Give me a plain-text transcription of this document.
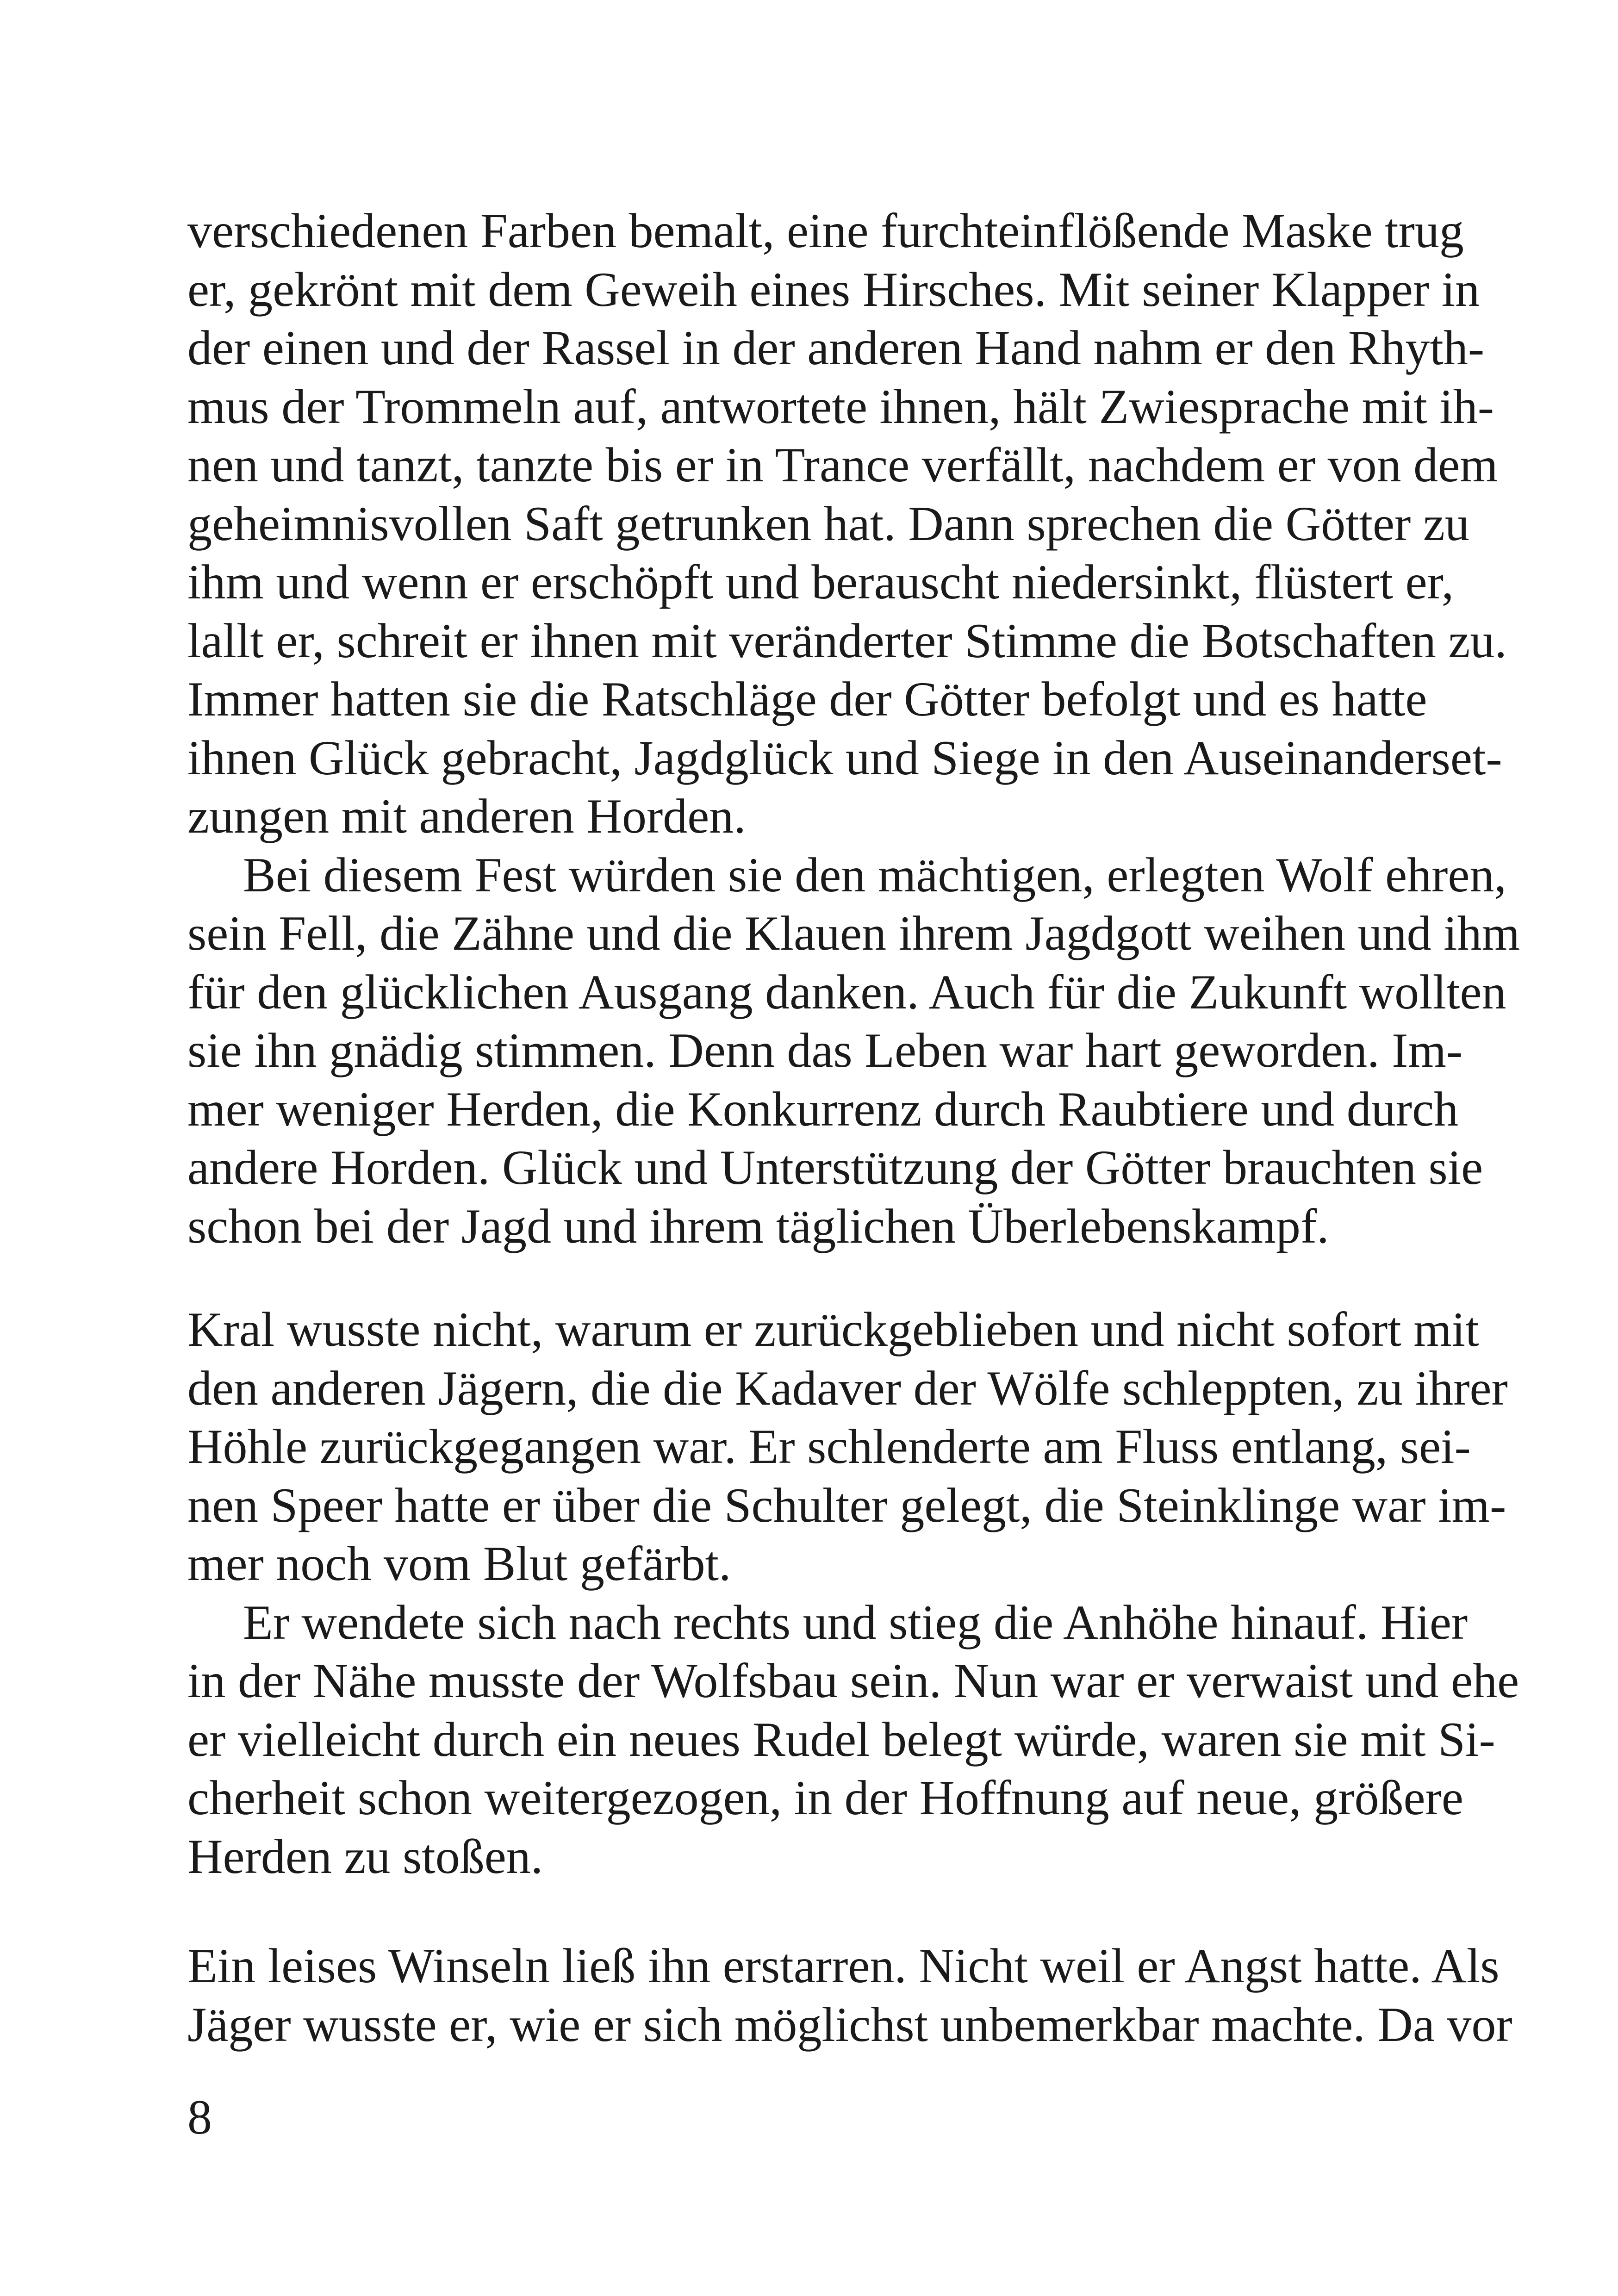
verschiedenen Farben bemalt, eine furchteinflößende Maske trug
er, gekrönt mit dem Geweih eines Hirsches. Mit seiner Klapper in
der einen und der Rassel in der anderen Hand nahm er den Rhyth-
mus der Trommeln auf, antwortete ihnen, hält Zwiesprache mit ih-
nen und tanzt, tanzte bis er in Trance verfällt, nachdem er von dem
geheimnisvollen Saft getrunken hat. Dann sprechen die Götter zu
ihm und wenn er erschöpft und berauscht niedersinkt, flüstert er,
lallt er, schreit er ihnen mit veränderter Stimme die Botschaften zu.
Immer hatten sie die Ratschläge der Götter befolgt und es hatte
ihnen Glück gebracht, Jagdglück und Siege in den Auseinanderset-
zungen mit anderen Horden.
Bei diesem Fest würden sie den mächtigen, erlegten Wolf ehren,
sein Fell, die Zähne und die Klauen ihrem Jagdgott weihen und ihm
für den glücklichen Ausgang danken. Auch für die Zukunft wollten
sie ihn gnädig stimmen. Denn das Leben war hart geworden. Im-
mer weniger Herden, die Konkurrenz durch Raubtiere und durch
andere Horden. Glück und Unterstützung der Götter brauchten sie
schon bei der Jagd und ihrem täglichen Überlebenskampf.
Kral wusste nicht, warum er zurückgeblieben und nicht sofort mit
den anderen Jägern, die die Kadaver der Wölfe schleppten, zu ihrer
Höhle zurückgegangen war. Er schlenderte am Fluss entlang, sei-
nen Speer hatte er über die Schulter gelegt, die Steinklinge war im-
mer noch vom Blut gefärbt.
Er wendete sich nach rechts und stieg die Anhöhe hinauf. Hier
in der Nähe musste der Wolfsbau sein. Nun war er verwaist und ehe
er vielleicht durch ein neues Rudel belegt würde, waren sie mit Si-
cherheit schon weitergezogen, in der Hoffnung auf neue, größere
Herden zu stoßen.
Ein leises Winseln ließ ihn erstarren. Nicht weil er Angst hatte. Als
Jäger wusste er, wie er sich möglichst unbemerkbar machte. Da vor
8
